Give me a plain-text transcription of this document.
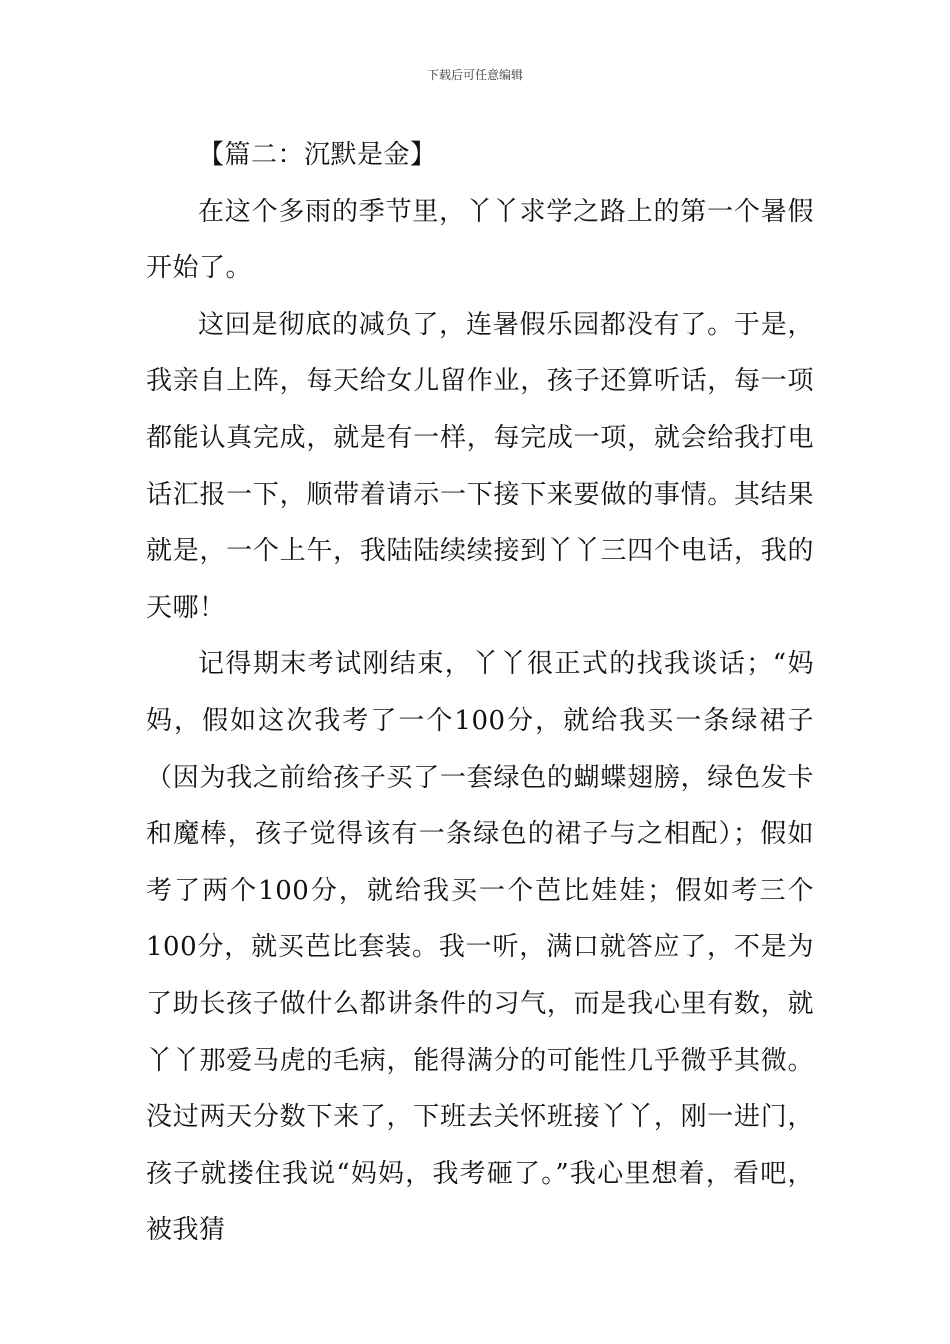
下载后可任意编辑

【篇二：沉默是金】

在这个多雨的季节里，丫丫求学之路上的第一个暑假开始了。

这回是彻底的减负了，连暑假乐园都没有了。于是，我亲自上阵，每天给女儿留作业，孩子还算听话，每一项都能认真完成，就是有一样，每完成一项，就会给我打电话汇报一下，顺带着请示一下接下来要做的事情。其结果就是，一个上午，我陆陆续续接到丫丫三四个电话，我的天哪！

记得期末考试刚结束，丫丫很正式的找我谈话；“妈妈，假如这次我考了一个100分，就给我买一条绿裙子（因为我之前给孩子买了一套绿色的蝴蝶翅膀，绿色发卡和魔棒，孩子觉得该有一条绿色的裙子与之相配）；假如考了两个100分，就给我买一个芭比娃娃；假如考三个100分，就买芭比套装。我一听，满口就答应了，不是为了助长孩子做什么都讲条件的习气，而是我心里有数，就丫丫那爱马虎的毛病，能得满分的可能性几乎微乎其微。没过两天分数下来了，下班去关怀班接丫丫，刚一进门，孩子就搂住我说“妈妈，我考砸了。”我心里想着，看吧，被我猜
